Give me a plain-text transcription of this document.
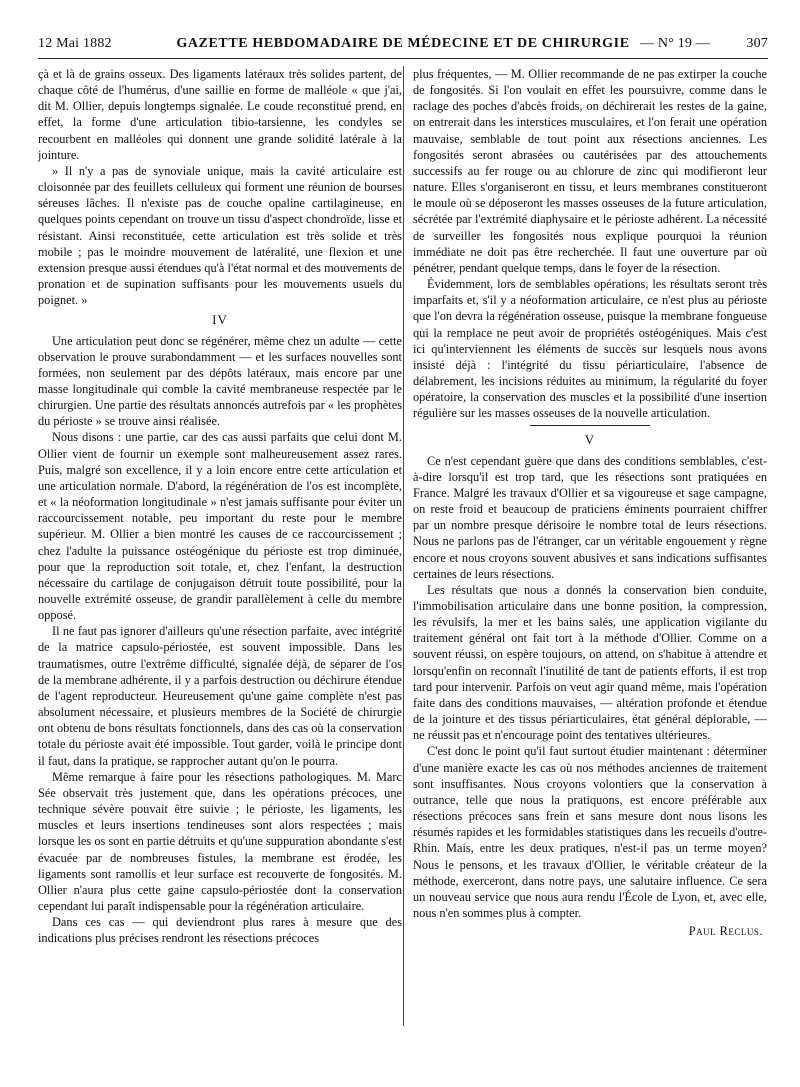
12 Mai 1882	GAZETTE HEBDOMADAIRE DE MÉDECINE ET DE CHIRURGIE — N° 19 —	307

çà et là de grains osseux. Des ligaments latéraux très solides partent, de chaque côté de l'humérus, d'une saillie en forme de malléole « que j'ai, dit M. Ollier, depuis longtemps signalée. Le coude reconstitué prend, en effet, la forme d'une articulation tibio-tarsienne, les condyles se recourbent en malléoles qui donnent une grande solidité latérale à la jointure.

» Il n'y a pas de synoviale unique, mais la cavité articulaire est cloisonnée par des feuillets celluleux qui forment une réunion de bourses séreuses lâches. Il n'existe pas de couche opaline cartilagineuse, en quelques points cependant on trouve un tissu d'aspect chondroïde, lisse et résistant. Ainsi reconstituée, cette articulation est très solide et très mobile ; pas le moindre mouvement de latéralité, une flexion et une extension presque aussi étendues qu'à l'état normal et des mouvements de pronation et de supination suffisants pour les mouvements usuels du poignet. »

IV

Une articulation peut donc se régénérer, même chez un adulte — cette observation le prouve surabondamment — et les surfaces nouvelles sont formées, non seulement par des dépôts latéraux, mais encore par une masse longitudinale qui comble la cavité membraneuse respectée par le chirurgien. Une partie des résultats annoncés autrefois par « les prophètes du périoste » se trouve ainsi réalisée.

Nous disons : une partie, car des cas aussi parfaits que celui dont M. Ollier vient de fournir un exemple sont malheureusement assez rares. Puis, malgré son excellence, il y a loin encore entre cette articulation et une articulation normale. D'abord, la régénération de l'os est incomplète, et « la néoformation longitudinale » n'est jamais suffisante pour éviter un raccourcissement notable, peu important du reste pour le membre supérieur. M. Ollier a bien montré les causes de ce raccourcissement ; chez l'adulte la puissance ostéogénique du périoste est trop diminuée, pour que la reproduction soit totale, et, chez l'enfant, la destruction nécessaire du cartilage de conjugaison détruit toute possibilité, pour la nouvelle extrémité osseuse, de grandir parallèlement à celle du membre opposé.

Il ne faut pas ignorer d'ailleurs qu'une résection parfaite, avec intégrité de la matrice capsulo-périostée, est souvent impossible. Dans les traumatismes, outre l'extrême difficulté, signalée déjà, de séparer de l'os de la membrane adhérente, il y a parfois destruction ou déchirure étendue de l'agent reproducteur. Heureusement qu'une gaine complète n'est pas absolument nécessaire, et plusieurs membres de la Société de chirurgie ont obtenu de bons résultats fonctionnels, dans des cas où la conservation totale du périoste avait été impossible. Tout garder, voilà le principe dont il faut, dans la pratique, se rapprocher autant qu'on le pourra.

Même remarque à faire pour les résections pathologiques. M. Marc Sée observait très justement que, dans les opérations précoces, une technique sévère pouvait être suivie ; le périoste, les ligaments, les muscles et leurs insertions tendineuses sont alors respectées ; mais lorsque les os sont en partie détruits et qu'une suppuration abondante s'est évacuée par de nombreuses fistules, la membrane est érodée, les ligaments sont ramollis et leur surface est recouverte de fongosités. M. Ollier n'aura plus cette gaine capsulo-périostée dont la conservation cependant lui paraît indispensable pour la régénération articulaire.

Dans ces cas — qui deviendront plus rares à mesure que des indications plus précises rendront les résections précoces

plus fréquentes, — M. Ollier recommande de ne pas extirper la couche de fongosités. Si l'on voulait en effet les poursuivre, comme dans le raclage des poches d'abcès froids, on déchirerait les restes de la gaine, on entrerait dans les interstices musculaires, et l'on ferait une opération mauvaise, semblable de tout point aux résections anciennes. Les fongosités seront abrasées ou cautérisées par des attouchements successifs au fer rouge ou au chlorure de zinc qui modifieront leur nature. Elles s'organiseront en tissu, et leurs membranes constitueront le moule où se déposeront les masses osseuses de la future articulation, sécrétée par l'extrémité diaphysaire et le périoste adhérent. La nécessité de surveiller les fongosités nous explique pourquoi la réunion immédiate ne doit pas être recherchée. Il faut une ouverture par où pénétrer, pendant quelque temps, dans le foyer de la résection.

Évidemment, lors de semblables opérations, les résultats seront très imparfaits et, s'il y a néoformation articulaire, ce n'est plus au périoste que l'on devra la régénération osseuse, puisque la membrane fongueuse qui la remplace ne peut avoir de propriétés ostéogéniques. Mais c'est ici qu'interviennent les éléments de succès sur lesquels nous avons insisté déjà : l'intégrité du tissu périarticulaire, l'absence de délabrement, les incisions réduites au minimum, la régularité du foyer opératoire, la conservation des muscles et la possibilité d'une insertion régulière sur les masses osseuses de la nouvelle articulation.

V

Ce n'est cependant guère que dans des conditions semblables, c'est-à-dire lorsqu'il est trop tard, que les résections sont pratiquées en France. Malgré les travaux d'Ollier et sa vigoureuse et sage campagne, on reste froid et beaucoup de praticiens éminents pourraient chiffrer par un nombre presque dérisoire le nombre total de leurs résections. Nous ne parlons pas de l'étranger, car un véritable engouement y règne encore et nous croyons souvent abusives et sans indications suffisantes certaines de leurs résections.

Les résultats que nous a donnés la conservation bien conduite, l'immobilisation articulaire dans une bonne position, la compression, les révulsifs, la mer et les bains salés, une application vigilante du traitement général ont fait tort à la méthode d'Ollier. Comme on a souvent réussi, on espère toujours, on attend, on s'habitue à attendre et lorsqu'enfin on reconnaît l'inutilité de tant de patients efforts, il est trop tard pour intervenir. Parfois on veut agir quand même, mais l'opération faite dans des conditions mauvaises, — altération profonde et étendue de la jointure et des tissus périarticulaires, état général déplorable, — ne réussit pas et n'encourage point des tentatives ultérieures.

C'est donc le point qu'il faut surtout étudier maintenant : déterminer d'une manière exacte les cas où nos méthodes anciennes de traitement sont insuffisantes. Nous croyons volontiers que la conservation à outrance, telle que nous la pratiquons, est encore préférable aux résections précoces sans frein et sans mesure dont nous lisons les résumés rapides et les formidables statistiques dans les recueils d'outre-Rhin. Mais, entre les deux pratiques, n'est-il pas un terme moyen? Nous le pensons, et les travaux d'Ollier, le véritable créateur de la méthode, exerceront, dans notre pays, une salutaire influence. Ce sera un nouveau service que nous aura rendu l'École de Lyon, et, avec elle, nous n'en sommes plus à compter.

Paul Reclus.
